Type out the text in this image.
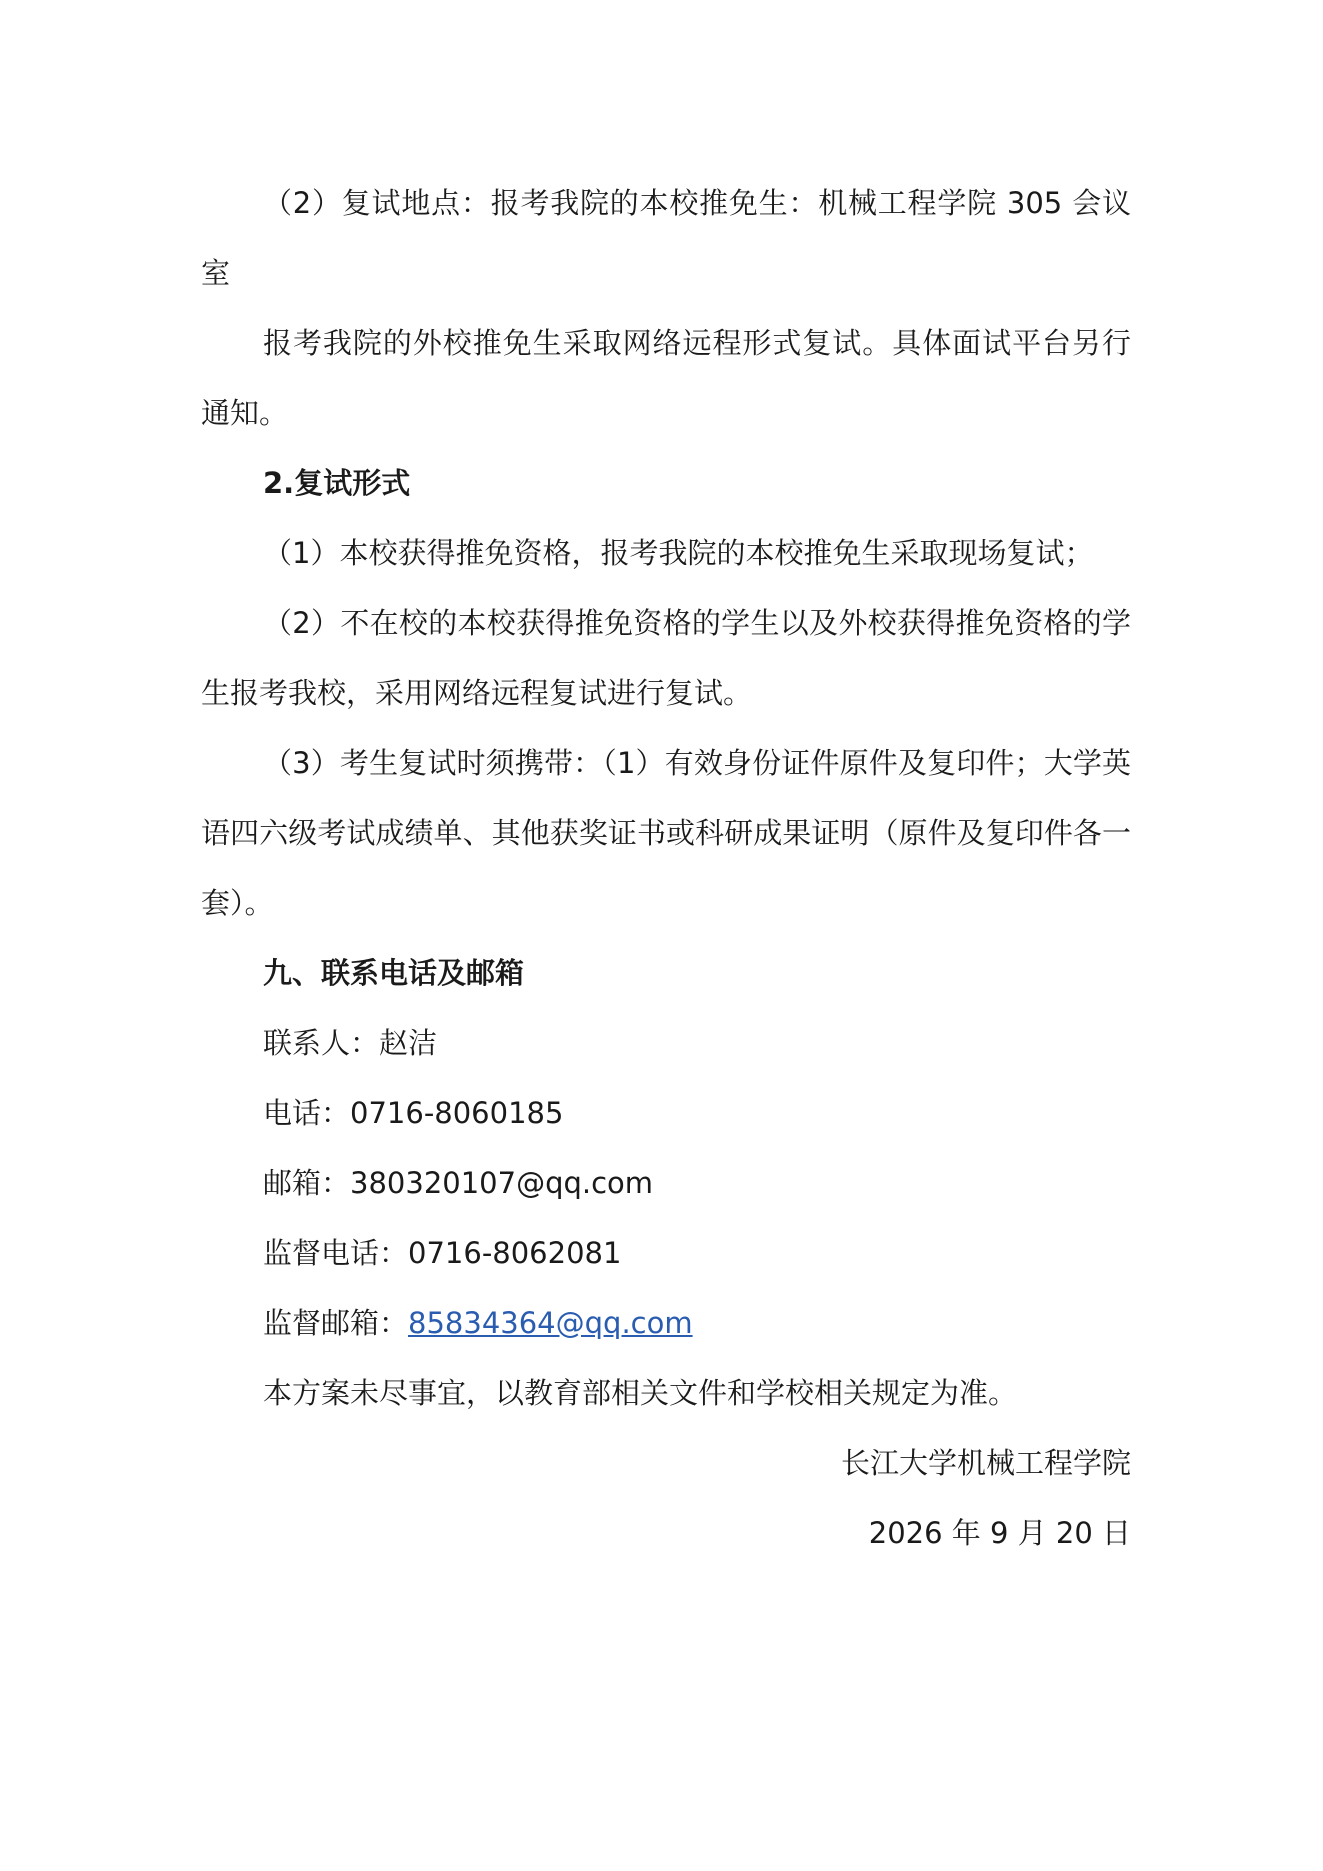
（2）复试地点：报考我院的本校推免生：机械工程学院 305 会议室

报考我院的外校推免生采取网络远程形式复试。具体面试平台另行通知。

2.复试形式

（1）本校获得推免资格，报考我院的本校推免生采取现场复试；

（2）不在校的本校获得推免资格的学生以及外校获得推免资格的学生报考我校，采用网络远程复试进行复试。

（3）考生复试时须携带：（1）有效身份证件原件及复印件；大学英语四六级考试成绩单、其他获奖证书或科研成果证明（原件及复印件各一套）。

九、联系电话及邮箱

联系人：赵洁

电话：0716-8060185

邮箱：380320107@qq.com

监督电话：0716-8062081

监督邮箱：85834364@qq.com

本方案未尽事宜，以教育部相关文件和学校相关规定为准。

长江大学机械工程学院

2026 年 9 月 20 日
